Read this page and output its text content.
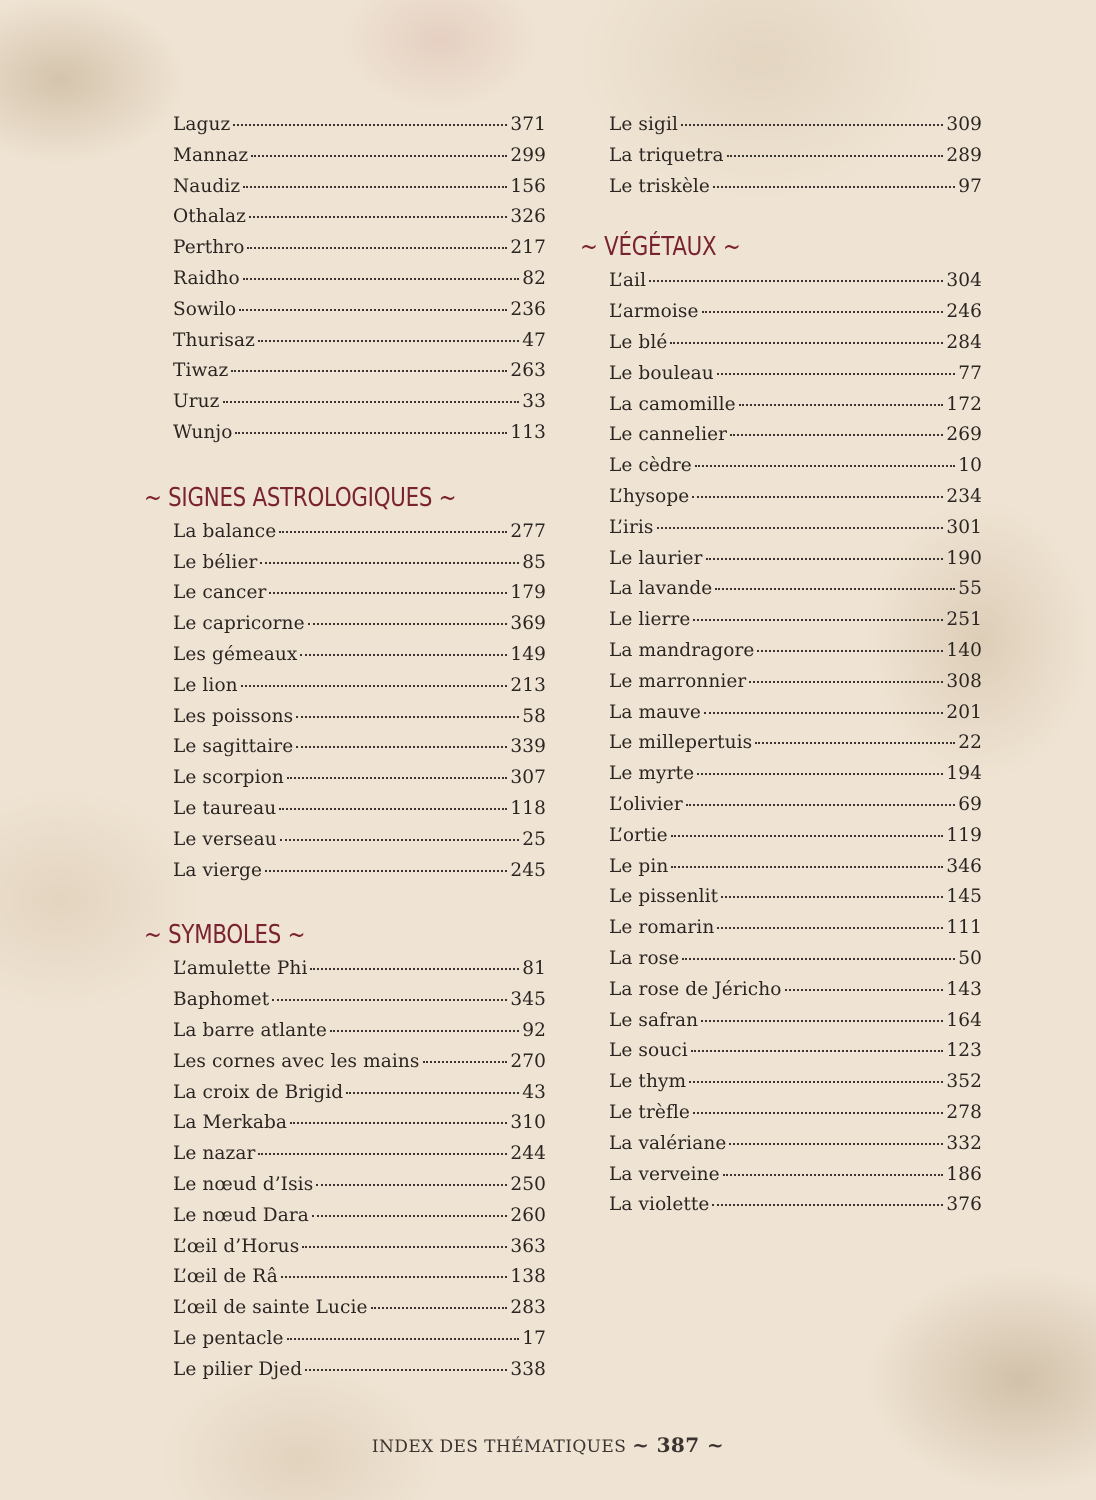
Laguz	371
Mannaz	299
Naudiz	156
Othalaz	326
Perthro	217
Raidho	82
Sowilo	236
Thurisaz	47
Tiwaz	263
Uruz	33
Wunjo	113
~ SIGNES ASTROLOGIQUES ~
La balance	277
Le bélier	85
Le cancer	179
Le capricorne	369
Les gémeaux	149
Le lion	213
Les poissons	58
Le sagittaire	339
Le scorpion	307
Le taureau	118
Le verseau	25
La vierge	245
~ SYMBOLES ~
L’amulette Phi	81
Baphomet	345
La barre atlante	92
Les cornes avec les mains	270
La croix de Brigid	43
La Merkaba	310
Le nazar	244
Le nœud d’Isis	250
Le nœud Dara	260
L’œil d’Horus	363
L’œil de Râ	138
L’œil de sainte Lucie	283
Le pentacle	17
Le pilier Djed	338
Le sigil	309
La triquetra	289
Le triskèle	97
~ VÉGÉTAUX ~
L’ail	304
L’armoise	246
Le blé	284
Le bouleau	77
La camomille	172
Le cannelier	269
Le cèdre	10
L’hysope	234
L’iris	301
Le laurier	190
La lavande	55
Le lierre	251
La mandragore	140
Le marronnier	308
La mauve	201
Le millepertuis	22
Le myrte	194
L’olivier	69
L’ortie	119
Le pin	346
Le pissenlit	145
Le romarin	111
La rose	50
La rose de Jéricho	143
Le safran	164
Le souci	123
Le thym	352
Le trèfle	278
La valériane	332
La verveine	186
La violette	376
INDEX DES THÉMATIQUES ~ 387 ~
